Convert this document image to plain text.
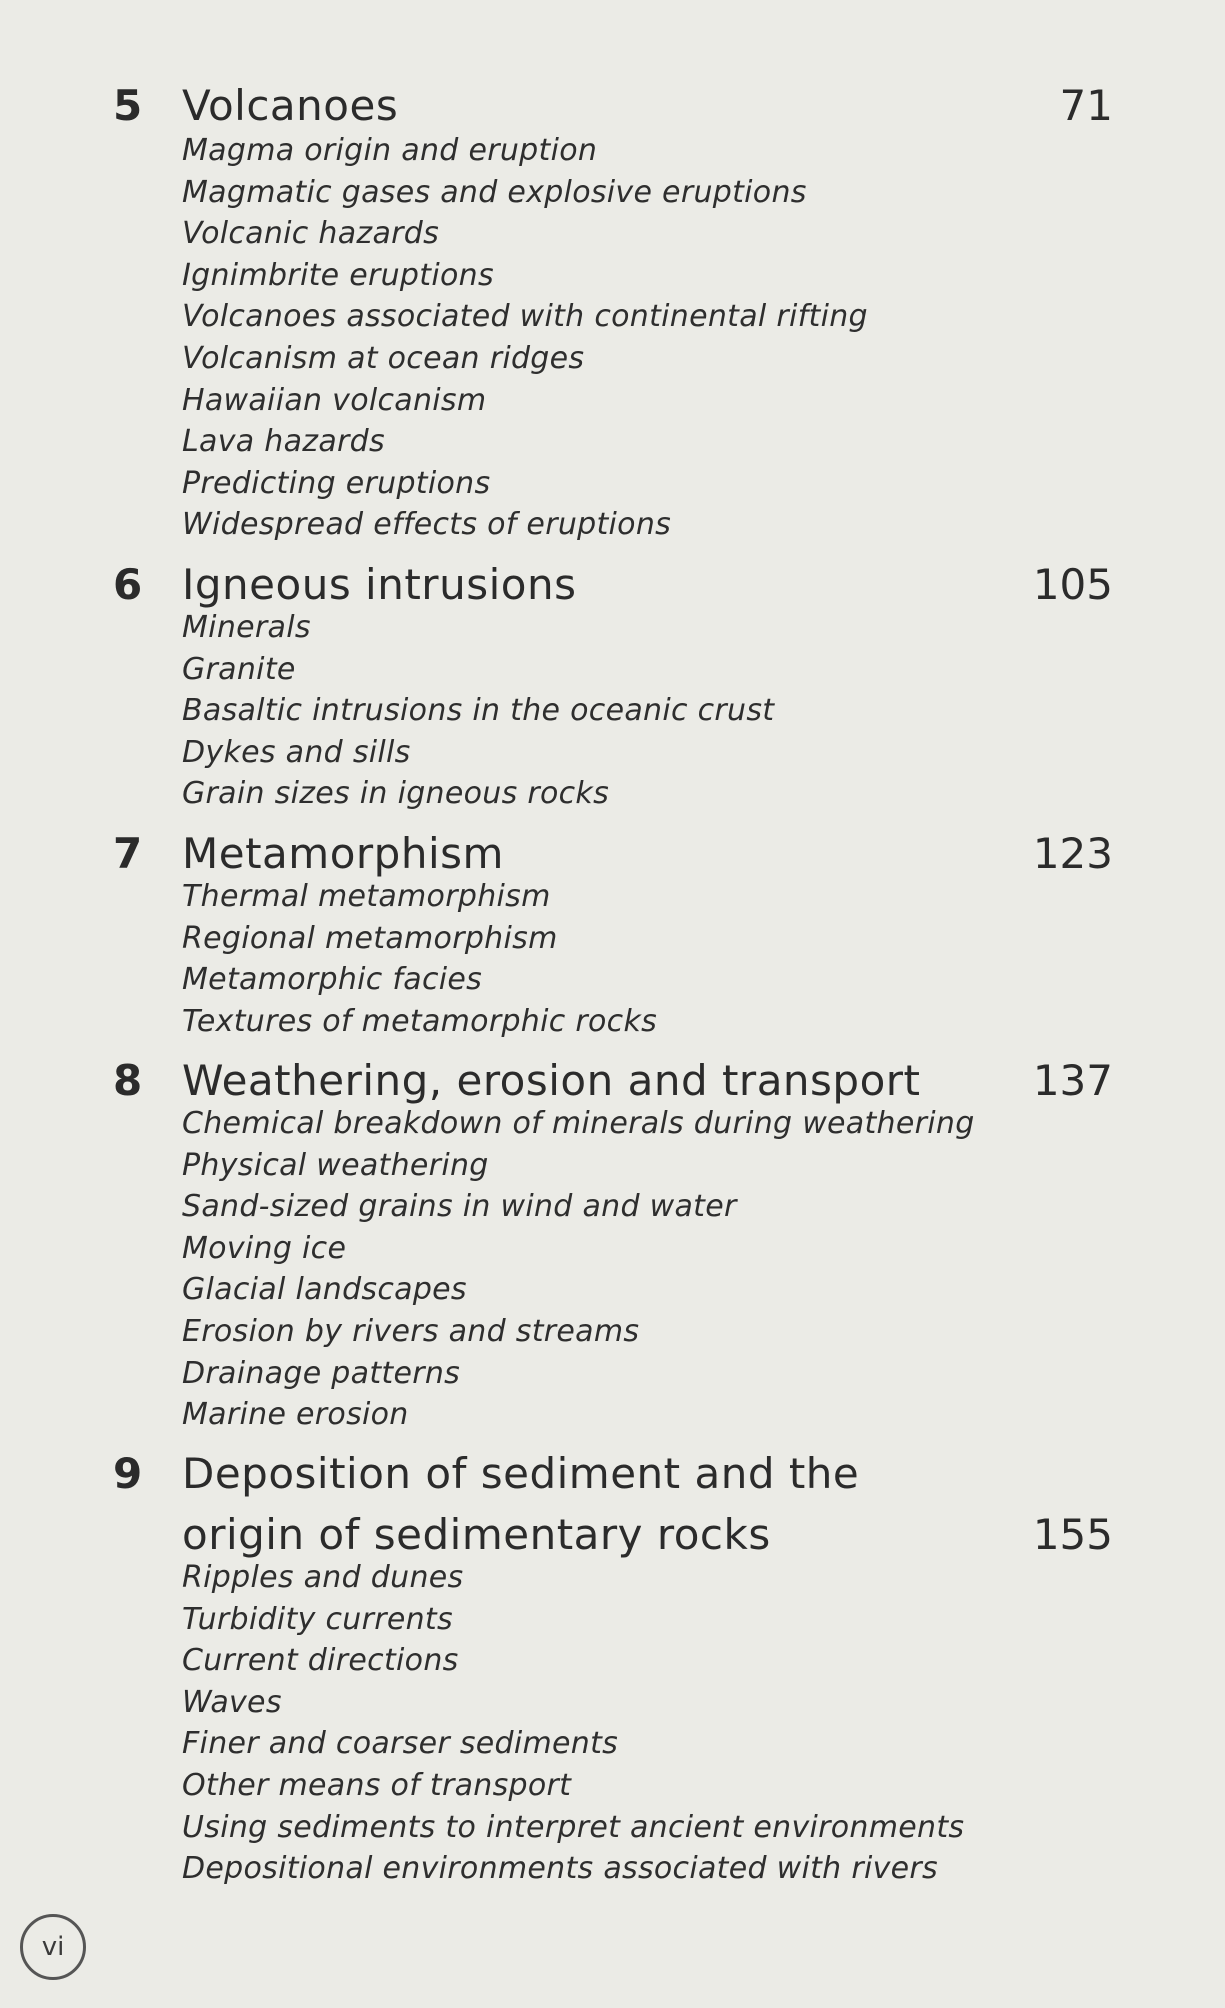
5 Volcanoes	71
Magma origin and eruption
Magmatic gases and explosive eruptions
Volcanic hazards
Ignimbrite eruptions
Volcanoes associated with continental rifting
Volcanism at ocean ridges
Hawaiian volcanism
Lava hazards
Predicting eruptions
Widespread effects of eruptions
6 Igneous intrusions	105
Minerals
Granite
Basaltic intrusions in the oceanic crust
Dykes and sills
Grain sizes in igneous rocks
7 Metamorphism	123
Thermal metamorphism
Regional metamorphism
Metamorphic facies
Textures of metamorphic rocks
8 Weathering, erosion and transport	137
Chemical breakdown of minerals during weathering
Physical weathering
Sand-sized grains in wind and water
Moving ice
Glacial landscapes
Erosion by rivers and streams
Drainage patterns
Marine erosion
9 Deposition of sediment and the
origin of sedimentary rocks	155
Ripples and dunes
Turbidity currents
Current directions
Waves
Finer and coarser sediments
Other means of transport
Using sediments to interpret ancient environments
Depositional environments associated with rivers
vi
